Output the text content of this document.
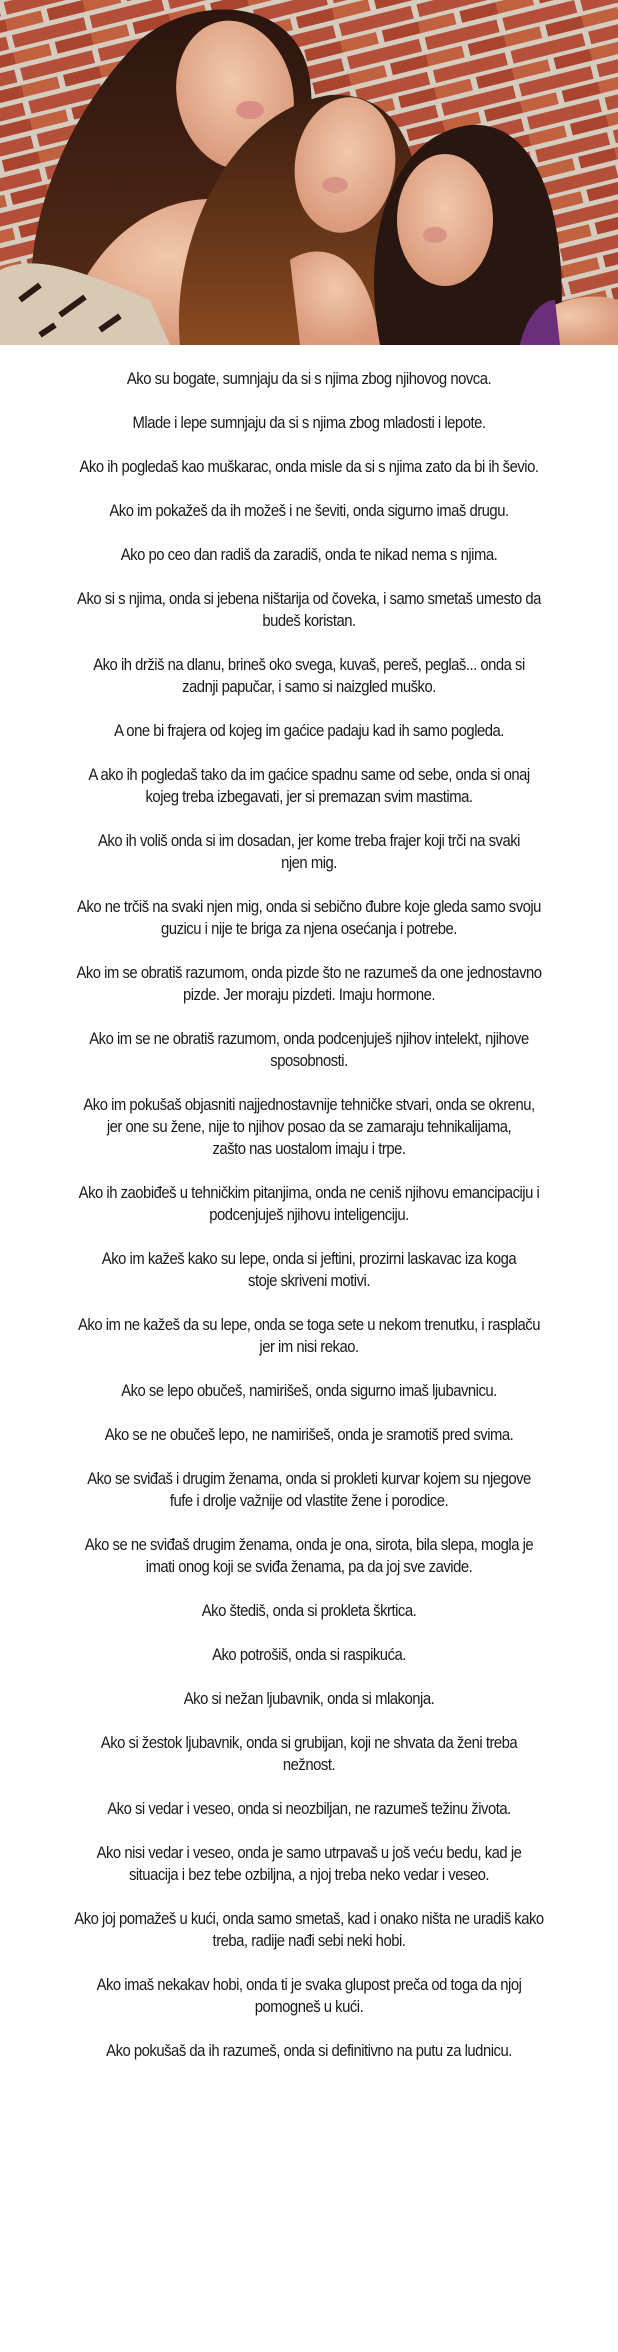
Ako su bogate, sumnjaju da si s njima zbog njihovog novca.

Mlade i lepe sumnjaju da si s njima zbog mladosti i lepote.

Ako ih pogledaš kao muškarac, onda misle da si s njima zato da bi ih ševio.

Ako im pokažeš da ih možeš i ne ševiti, onda sigurno imaš drugu.

Ako po ceo dan radiš da zaradiš, onda te nikad nema s njima.

Ako si s njima, onda si jebena ništarija od čoveka, i samo smetaš umesto da
budeš koristan.

Ako ih držiš na dlanu, brineš oko svega, kuvaš, pereš, peglaš... onda si
zadnji papučar, i samo si naizgled muško.

A one bi frajera od kojeg im gaćice padaju kad ih samo pogleda.

A ako ih pogledaš tako da im gaćice spadnu same od sebe, onda si onaj
kojeg treba izbegavati, jer si premazan svim mastima.

Ako ih voliš onda si im dosadan, jer kome treba frajer koji trči na svaki
njen mig.

Ako ne trčiš na svaki njen mig, onda si sebično đubre koje gleda samo svoju
guzicu i nije te briga za njena osećanja i potrebe.

Ako im se obratiš razumom, onda pizde što ne razumeš da one jednostavno
pizde. Jer moraju pizdeti. Imaju hormone.

Ako im se ne obratiš razumom, onda podcenjuješ njihov intelekt, njihove
sposobnosti.

Ako im pokušaš objasniti najjednostavnije tehničke stvari, onda se okrenu,
jer one su žene, nije to njihov posao da se zamaraju tehnikalijama,
zašto nas uostalom imaju i trpe.

Ako ih zaobiđeš u tehničkim pitanjima, onda ne ceniš njihovu emancipaciju i
podcenjuješ njihovu inteligenciju.

Ako im kažeš kako su lepe, onda si jeftini, prozirni laskavac iza koga
stoje skriveni motivi.

Ako im ne kažeš da su lepe, onda se toga sete u nekom trenutku, i rasplaču
jer im nisi rekao.

Ako se lepo obučeš, namirišeš, onda sigurno imaš ljubavnicu.

Ako se ne obučeš lepo, ne namirišeš, onda je sramotiš pred svima.

Ako se sviđaš i drugim ženama, onda si prokleti kurvar kojem su njegove
fufe i drolje važnije od vlastite žene i porodice.

Ako se ne sviđaš drugim ženama, onda je ona, sirota, bila slepa, mogla je
imati onog koji se sviđa ženama, pa da joj sve zavide.

Ako štediš, onda si prokleta škrtica.

Ako potrošiš, onda si raspikuća.

Ako si nežan ljubavnik, onda si mlakonja.

Ako si žestok ljubavnik, onda si grubijan, koji ne shvata da ženi treba
nežnost.

Ako si vedar i veseo, onda si neozbiljan, ne razumeš težinu života.

Ako nisi vedar i veseo, onda je samo utrpavaš u još veću bedu, kad je
situacija i bez tebe ozbiljna, a njoj treba neko vedar i veseo.

Ako joj pomažeš u kući, onda samo smetaš, kad i onako ništa ne uradiš kako
treba, radije nađi sebi neki hobi.

Ako imaš nekakav hobi, onda ti je svaka glupost preča od toga da njoj
pomogneš u kući.

Ako pokušaš da ih razumeš, onda si definitivno na putu za ludnicu.
